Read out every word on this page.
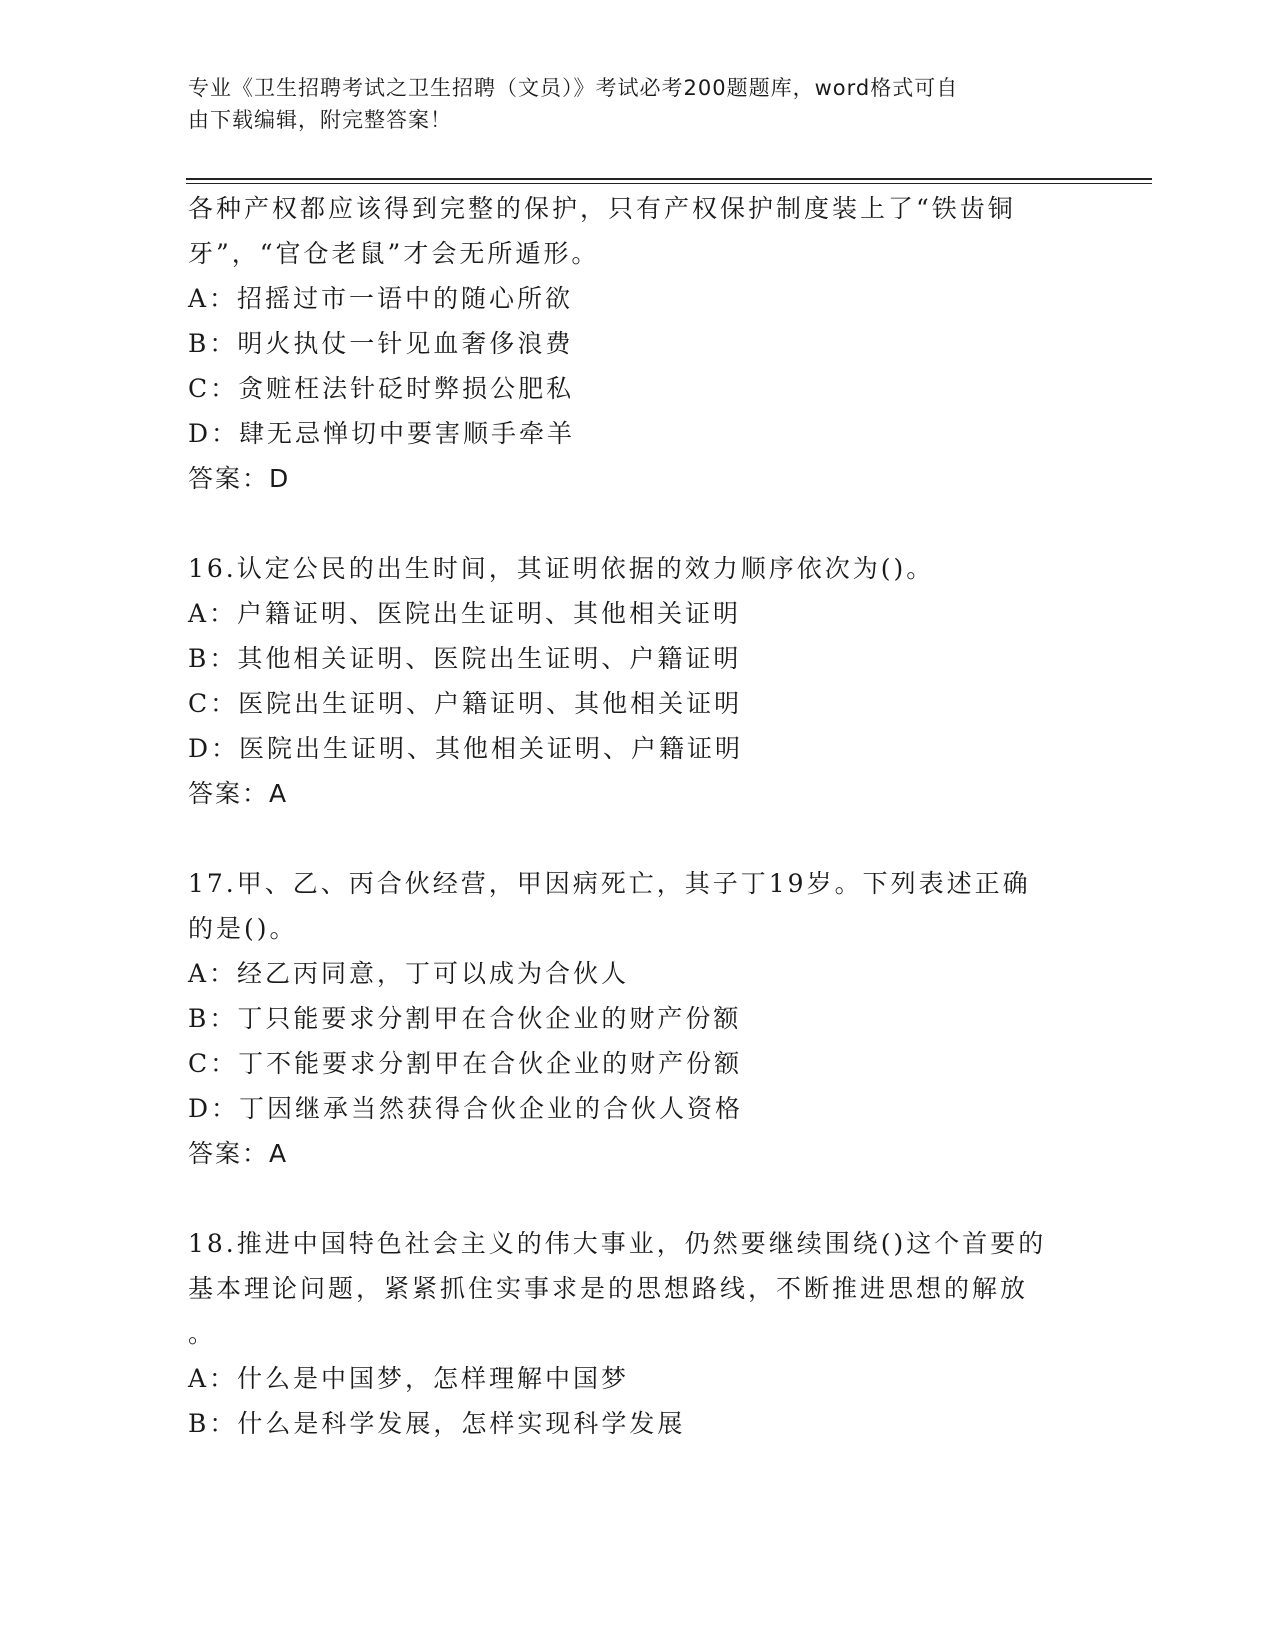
专业《卫生招聘考试之卫生招聘（文员）》考试必考200题题库，word格式可自
由下载编辑，附完整答案！
各种产权都应该得到完整的保护，只有产权保护制度装上了“铁齿铜
牙”，“官仓老鼠”才会无所遁形。
A：招摇过市一语中的随心所欲
B：明火执仗一针见血奢侈浪费
C：贪赃枉法针砭时弊损公肥私
D：肆无忌惮切中要害顺手牵羊
答案：D
16.认定公民的出生时间，其证明依据的效力顺序依次为()。
A：户籍证明、医院出生证明、其他相关证明
B：其他相关证明、医院出生证明、户籍证明
C：医院出生证明、户籍证明、其他相关证明
D：医院出生证明、其他相关证明、户籍证明
答案：A
17.甲、乙、丙合伙经营，甲因病死亡，其子丁19岁。下列表述正确
的是()。
A：经乙丙同意，丁可以成为合伙人
B：丁只能要求分割甲在合伙企业的财产份额
C：丁不能要求分割甲在合伙企业的财产份额
D：丁因继承当然获得合伙企业的合伙人资格
答案：A
18.推进中国特色社会主义的伟大事业，仍然要继续围绕()这个首要的
基本理论问题，紧紧抓住实事求是的思想路线，不断推进思想的解放
。
A：什么是中国梦，怎样理解中国梦
B：什么是科学发展，怎样实现科学发展
